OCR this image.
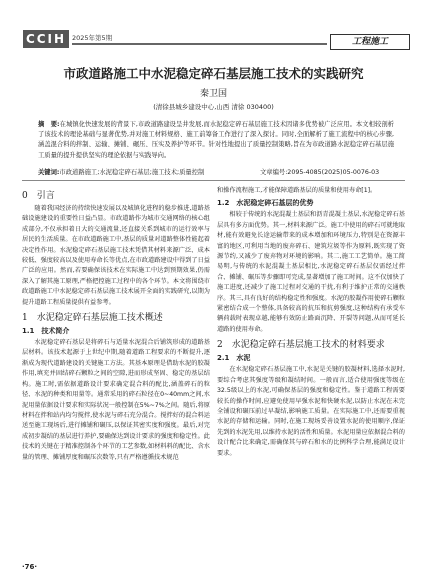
CCIH 2025年第5期	工程施工
市政道路施工中水泥稳定碎石基层施工技术的实践研究
秦卫国
(清徐县城乡建设中心,山西 清徐 030400)
摘　要:在城镇化快速发展的背景下,市政道路建设呈井发展,而水泥稳定碎石基层施工技术因诸多优势被广泛应用。本文相较剖析了该技术的理论基础与显著优势,并对施工材料规格、施工前筹备工作进行了深入探讨。同时,全面解析了施工流程中的核心步骤,涵盖混合料的拌制、运输、摊铺、碾压、压实及养护等环节。针对性地提出了质量控制策略,旨在为市政道路水泥稳定碎石基层施工质量的提升提供坚实的理论依据与实践导向。
关键词:市政道路施工;水泥稳定碎石基层;施工技术;质量控制	文章编号:2095-4085(2025)05-0076-03
0　引言

随着我国经济的持续快速发展以及城镇化进程的稳步推进,道路基础设施建设的重要性日益凸显。市政道路作为城市交通网络的核心组成部分,不仅承担着日大的交通流量,还直接关系到城市的运行效率与居民的生活质量。在市政道路施工中,基层的质量对道路整体性能起着决定性作用。水泥稳定碎石基层施工技术凭借其材料来源广泛、成本较低、强度较高以及使用寿命长等优点,在市政道路建设中得到了日益广泛的应用。然而,若要确保该技术在实际施工中达到预期效果,仍需深入了解其施工原理,严格把控施工过程中的各个环节。本文将围绕市政道路施工中水泥稳定碎石基层施工技术展开全面的实践研究,以期为提升道路工程质量提供有益参考。

1　水泥稳定碎石基层施工技术概述
1.1　技术简介

水泥稳定碎石基层是将碎石与适量水泥混合后铺筑形成的道路基层材料。该技术起源于上世纪中期,随着道路工程要求的不断提升,逐渐成为现代道路建设的关键施工方法。其基本原理是借助水泥的胶凝作用,填充并固结碎石颗粒之间的空隙,进而形成坚固、稳定的基层结构。施工时,需依据道路设计要求确定混合料的配比,涵盖碎石的粒径、水泥的种类和用量等。通常采用的碎石粒径在0~40mm之间,水泥用量依据设计要求和实际状况一般控制在5%~7%之间。随后,将原材料在拌和站内均匀搅拌,使水泥与碎石充分混合。搅拌好的混合料运送至施工现场后,进行摊铺和碾压,以保证其密实度和强度。最后,对完成初步凝结的基层进行养护,要确保达到设计要求的强度和稳定性。此技术的关键在于精准控制各个环节的工艺参数,如材料料的配比、含水量的管理、摊铺厚度和碾压次数等,只有严格遵循技术规范

和操作流程施工,才能保障道路基层的质量和使用寿命[1]。

1.2　水泥稳定碎石基层的优势

相较于传统的水泥混凝土基层和沥青混凝土基层,水泥稳定碎石基层具有多方面优势。其一,材料来源广泛。施工中使用的碎石可就地取材,能有效避免长途运输带来的成本增加和环境压力,特别是在资源丰富的地区,可利用当地的废弃碎石、建筑垃圾等作为原料,既实现了资源节约,又减少了废弃物对环境的影响。其二,施工工艺简单。施工简易明,与传统的水泥混凝土基层相比,水泥稳定碎石基层仅需经过拌合、摊铺、碾压等步骤即可完成,显著增加了施工时间。这不仅加快了施工进度,还减少了施工过程对交通的干扰,有利于维护正常的交通秩序。其三,具有良好的结构稳定性和强度。水泥的胶凝作用使碎石颗粒紧密结合成一个整体,具备较高的抗压和抗剪强度,这种结构有承受车辆荷载时表现卓越,能够有效防止路面沉降、开裂等问题,从而可延长道路的使用寿命。

2　水泥稳定碎石基层施工技术的材料要求
2.1　水泥

在水泥稳定碎石基层施工中,水泥是关键的胶凝材料,选择水泥时,要综合考虑其强度等级和凝结时间。一般而言,适合使用强度等级在32.5级以上的水泥,可确保基层的强度和稳定性。鉴于道路工程需要较长的操作时间,应避免使用早强水泥和快硬水泥,以防止水泥在未完全铺设和碾压前过早凝结,影响施工质量。在实际施工中,还需要重视水泥的存储和运输。同时,在施工现场妥善设置水泥的使用顺序,保证先到的水泥先用,以维持水泥的活性和质量。水泥用量应依据混合料的设计配合比来确定,需确保其与碎石和水的比例科学合理,能满足设计要求。

·76·
